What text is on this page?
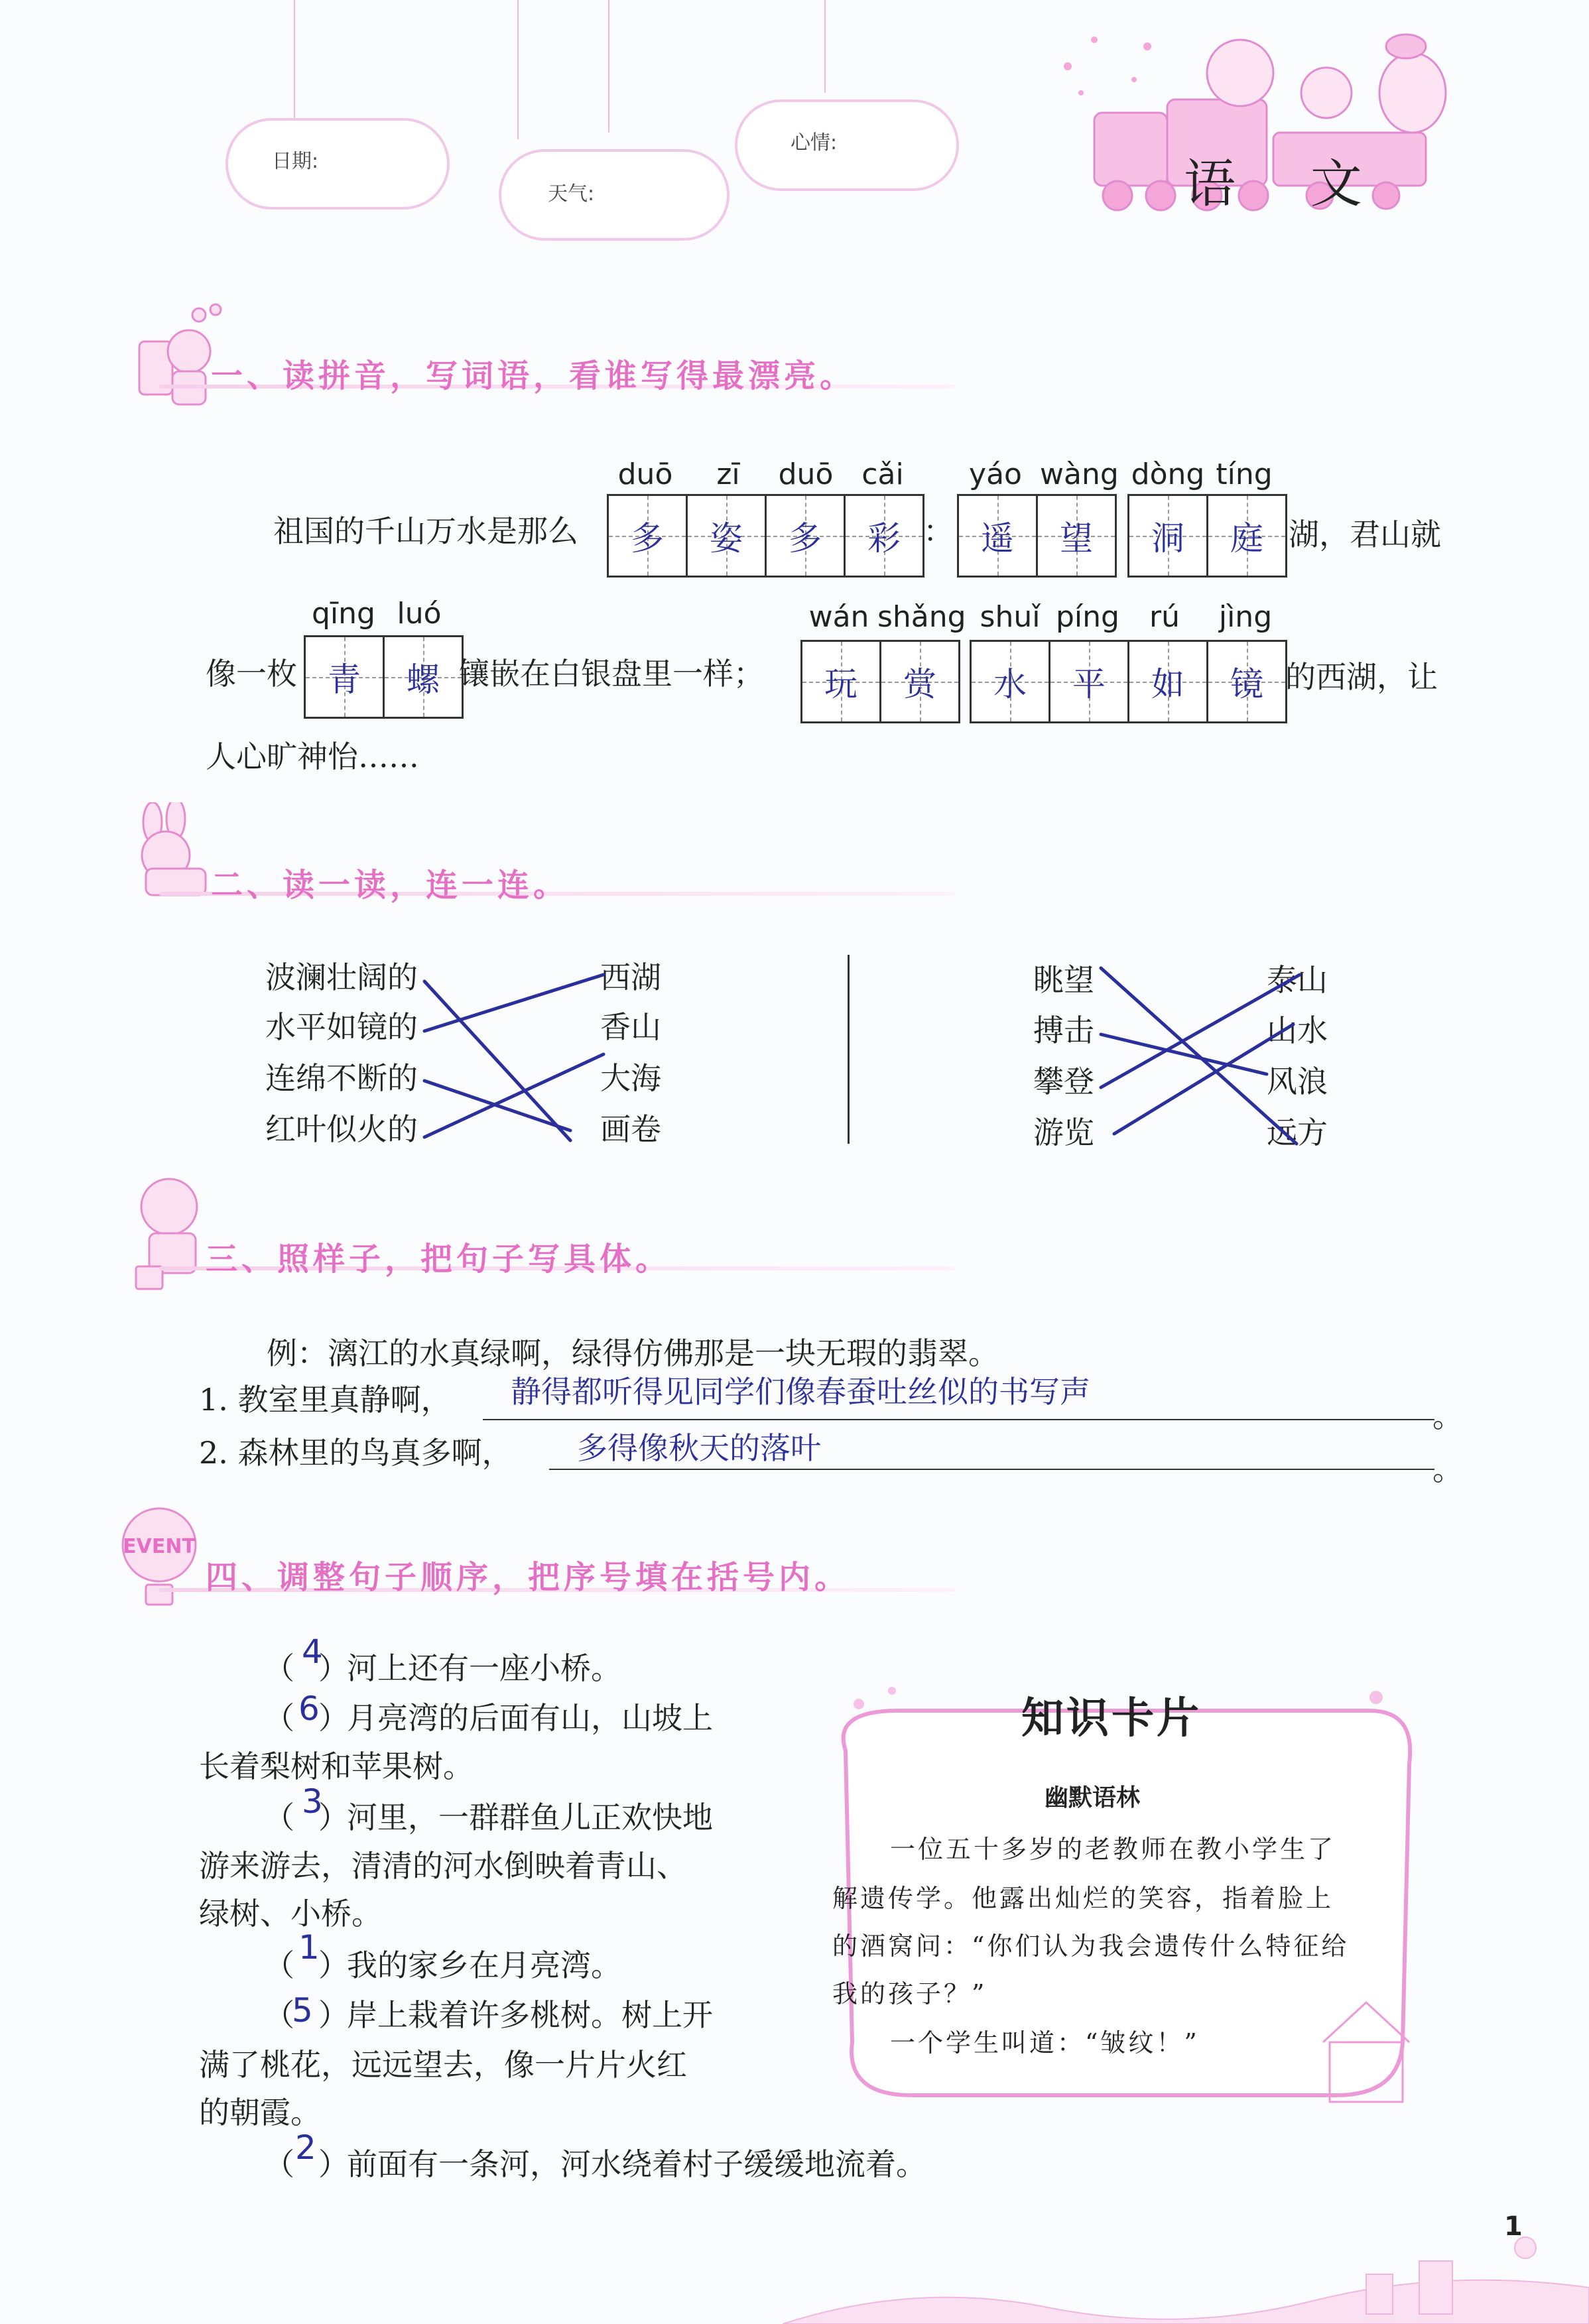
日期:
天气:
心情:
语 文
一、读拼音，写词语，看谁写得最漂亮。
duō	zī	duō cǎi	yáo wàng dòng tíng
祖国的千山万水是那么 多 姿 多 彩 ： 遥 望 洞 庭 湖，君山就
qīng luó	wán shǎng shuǐ píng	rú	jìng
像一枚 青 螺 镶嵌在白银盘里一样； 玩 赏 水 平 如 镜 的西湖，让
人心旷神怡……
二、读一读，连一连。
波澜壮阔的
水平如镜的
连绵不断的
红叶似火的
西湖
香山
大海
画卷
眺望
搏击
攀登
游览
泰山
山水
风浪
远方
三、照样子，把句子写具体。
例：漓江的水真绿啊，绿得仿佛那是一块无瑕的翡翠。
1. 教室里真静啊， 静得都听得见同学们像春蚕吐丝似的书写声
。
2. 森林里的鸟真多啊， 多得像秋天的落叶
。
EVENT
四、调整句子顺序，把序号填在括号内。
（ 4
）
河上还有一座小桥。
（ 6
）
月亮湾的后面有山，山坡上
长着梨树和苹果树。
（ 3
）
河里，一群群鱼儿正欢快地
游来游去，清清的河水倒映着青山、
绿树、小桥。
（ 1
）
我的家乡在月亮湾。
（
5 ）
岸上栽着许多桃树。树上开
满了桃花，远远望去，像一片片火红
的朝霞。
（ 2 ）
前面有一条河，河水绕着村子缓缓地流着。
知识卡片
幽默语林
一位五十多岁的老教师在教小学生了
解遗传学。他露出灿烂的笑容，指着脸上
的酒窝问：“你们认为我会遗传什么特征给
我的孩子？”
一个学生叫道：“皱纹！”
1
